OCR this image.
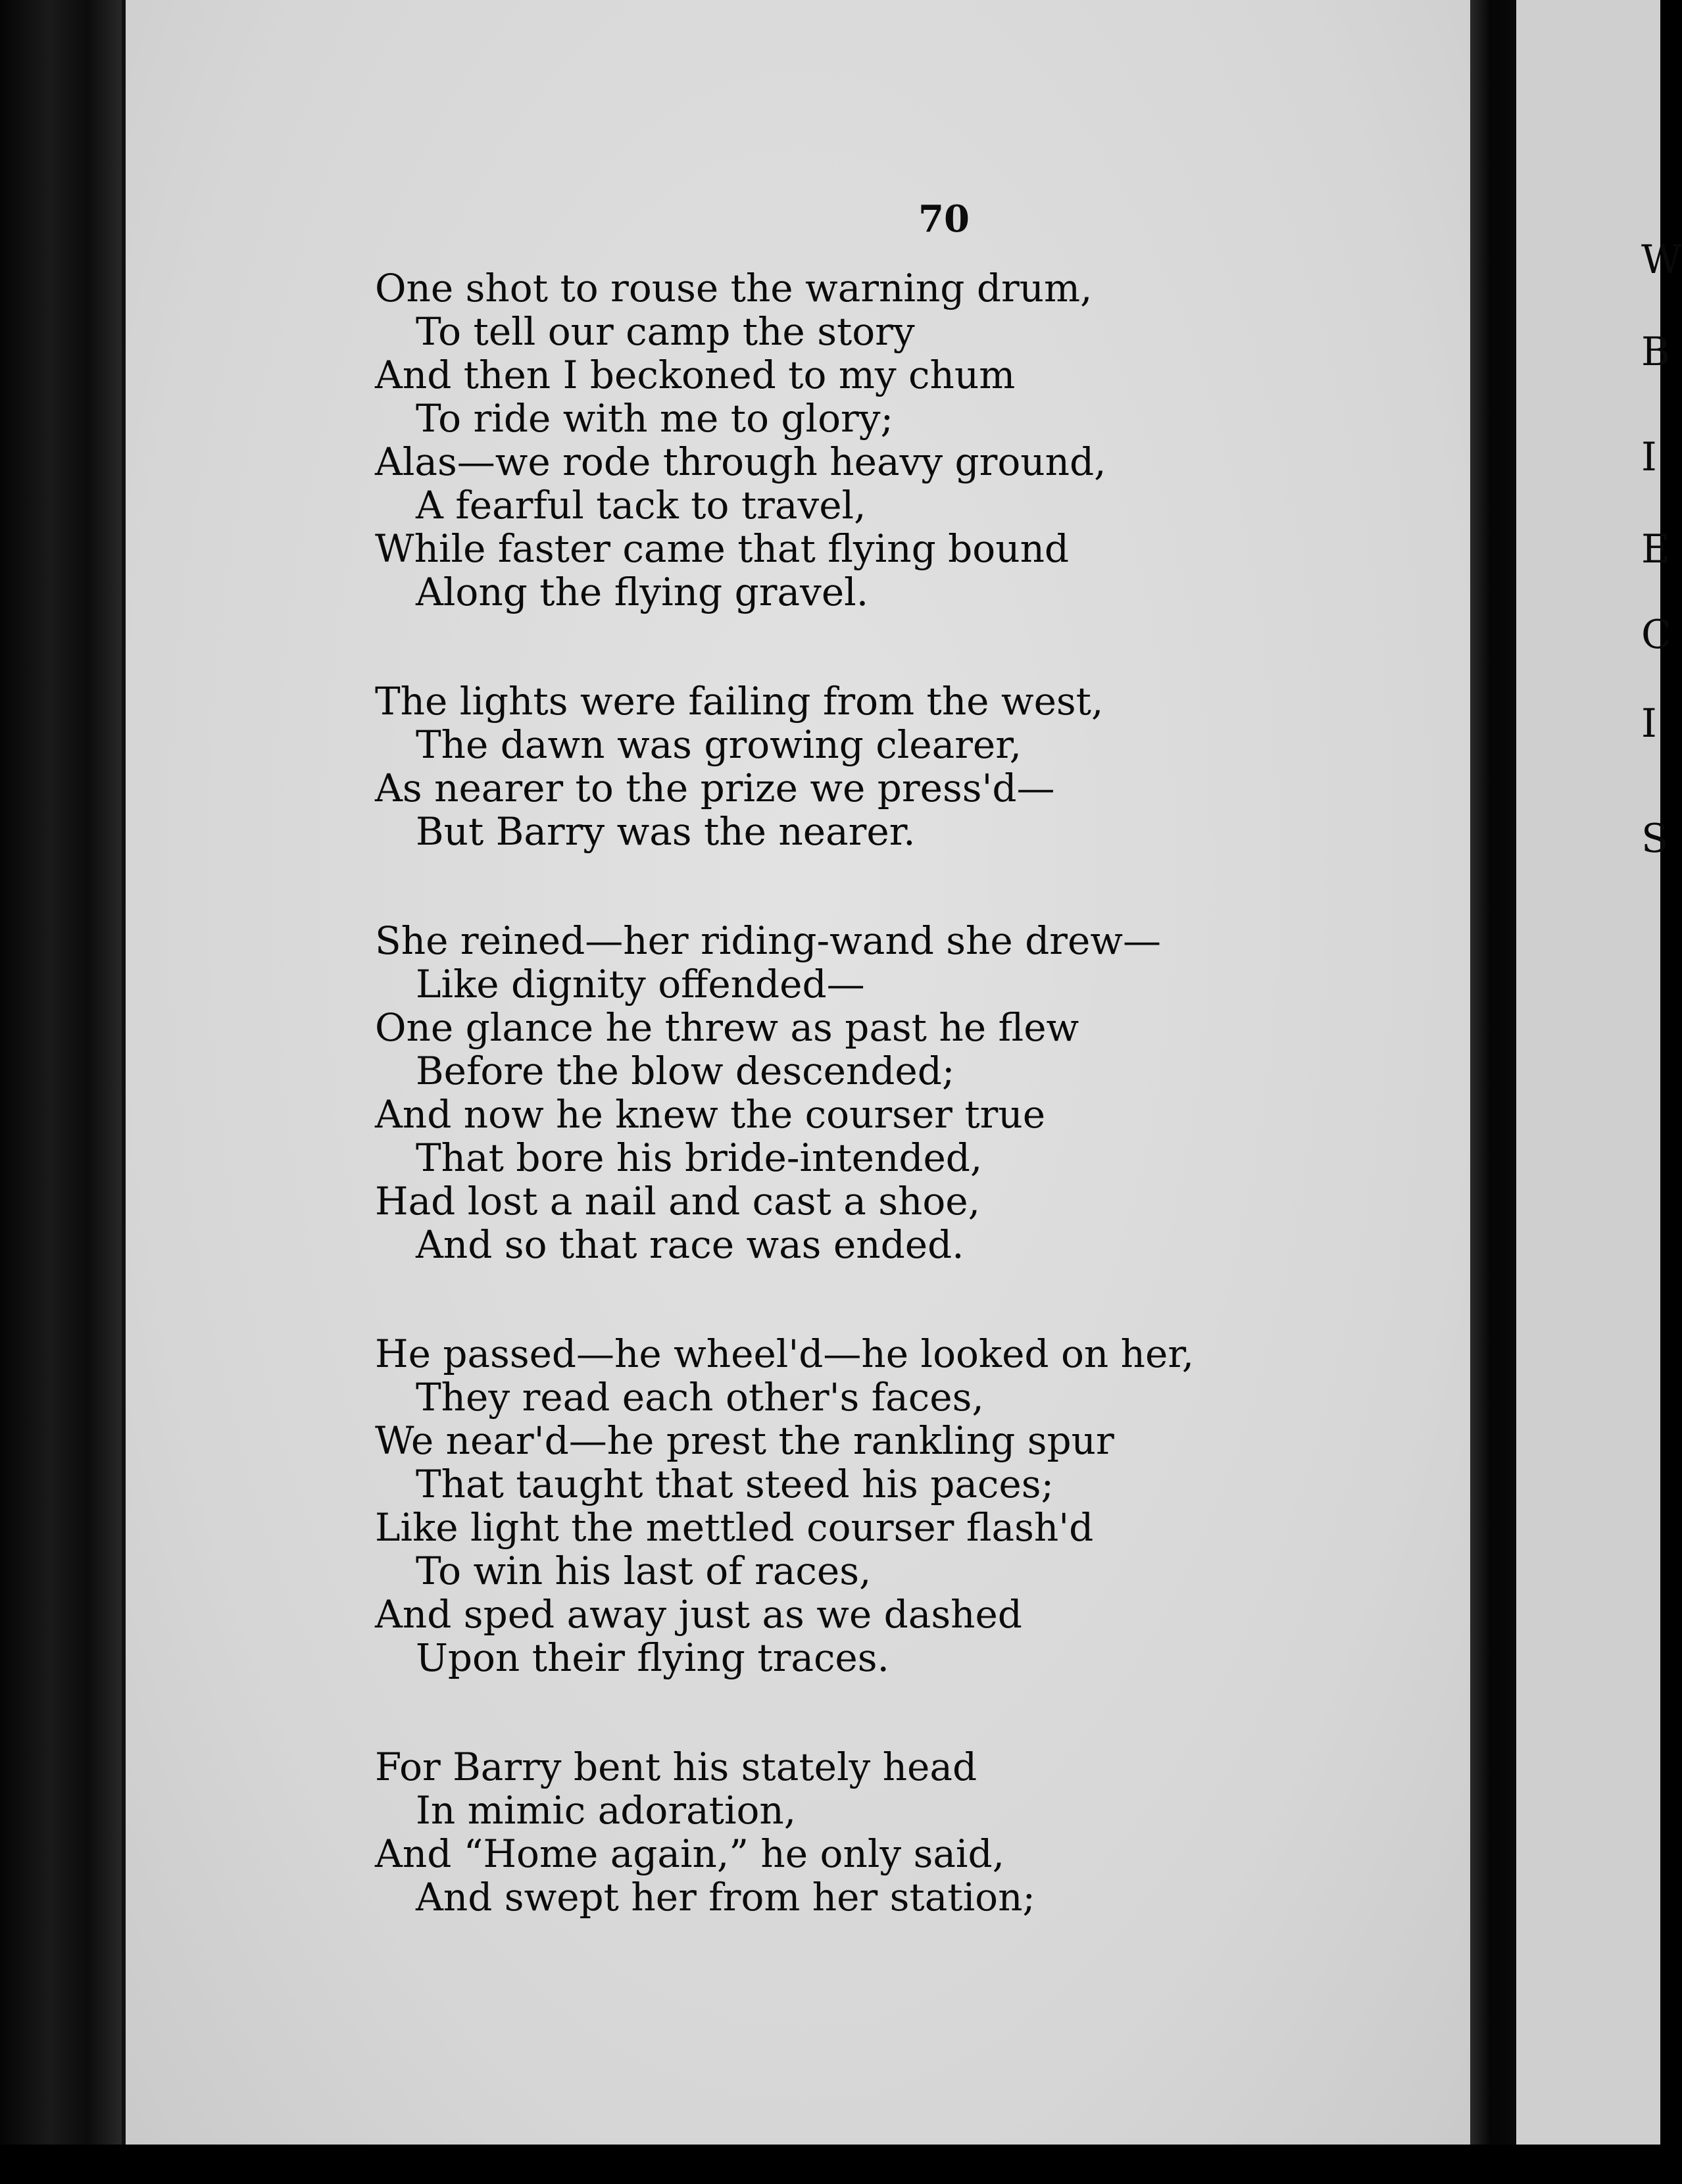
70
One shot to rouse the warning drum,
To tell our camp the story
And then I beckoned to my chum
To ride with me to glory;
Alas—we rode through heavy ground,
A fearful tack to travel,
While faster came that flying bound
Along the flying gravel.
The lights were failing from the west,
The dawn was growing clearer,
As nearer to the prize we press'd—
But Barry was the nearer.
She reined—her riding-wand she drew—
Like dignity offended—
One glance he threw as past he flew
Before the blow descended;
And now he knew the courser true
That bore his bride-intended,
Had lost a nail and cast a shoe,
And so that race was ended.
He passed—he wheel'd—he looked on her,
They read each other's faces,
We near'd—he prest the rankling spur
That taught that steed his paces;
Like light the mettled courser flash'd
To win his last of races,
And sped away just as we dashed
Upon their flying traces.
For Barry bent his stately head
In mimic adoration,
And “Home again,” he only said,
And swept her from her station;
W
B
I
E
C
I
S
